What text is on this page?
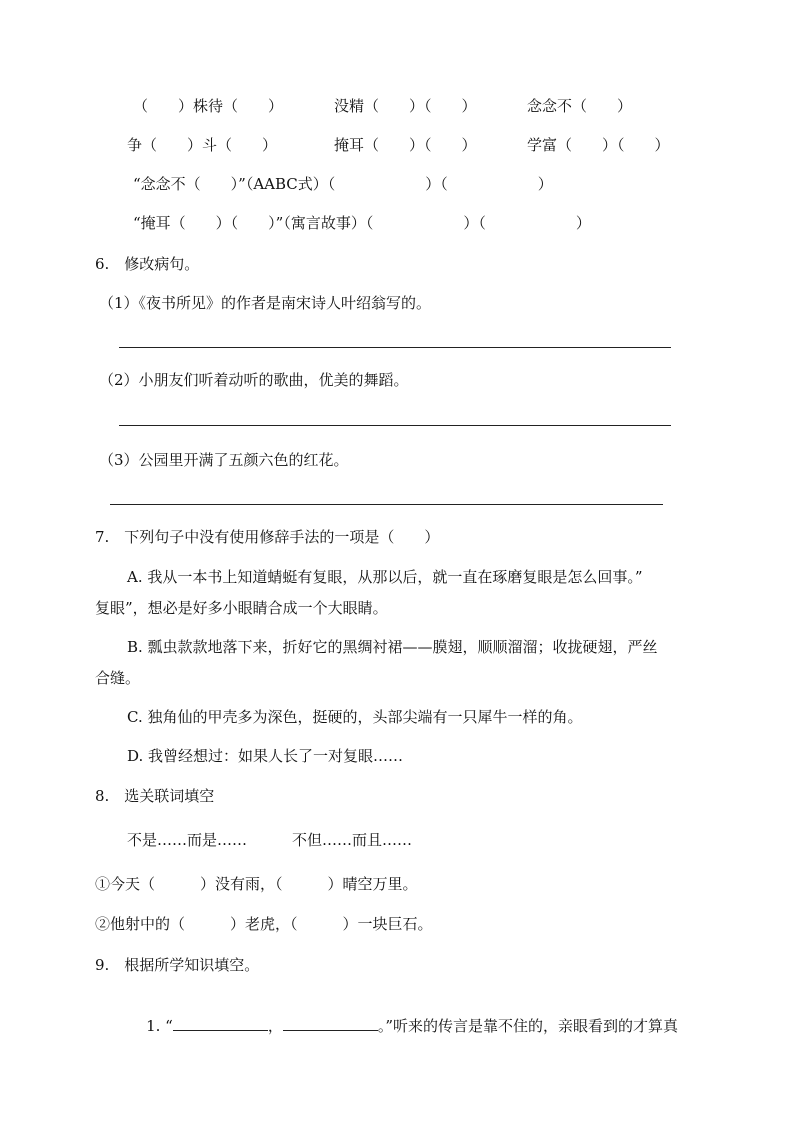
（　　）株待（　　）	没精（　　）（　　）	念念不（　　）
争（　　）斗（　　）	掩耳（　　）（　　）	学富（　　）（　　）
“念念不（　　）”（AABC式）（　　　　　　）（　　　　　　）
“掩耳（　　）（　　）”（寓言故事）（　　　　　　）（　　　　　　）
6.　修改病句。
（1）《夜书所见》的作者是南宋诗人叶绍翁写的。
（2）小朋友们听着动听的歌曲，优美的舞蹈。
（3）公园里开满了五颜六色的红花。
7.　下列句子中没有使用修辞手法的一项是（　　）
A. 我从一本书上知道蜻蜓有复眼，从那以后，就一直在琢磨复眼是怎么回事。”
复眼”，想必是好多小眼睛合成一个大眼睛。
B. 瓢虫款款地落下来，折好它的黑绸衬裙——膜翅，顺顺溜溜；收拢硬翅，严丝
合缝。
C. 独角仙的甲壳多为深色，挺硬的，头部尖端有一只犀牛一样的角。
D. 我曾经想过：如果人长了一对复眼……
8.　选关联词填空
不是……而是……　　　不但……而且……
①今天（　　　）没有雨，（　　　）晴空万里。
②他射中的（　　　）老虎，（　　　）一块巨石。
9.　根据所学知识填空。

1. “	，	。”听来的传言是靠不住的，亲眼看到的才算真
